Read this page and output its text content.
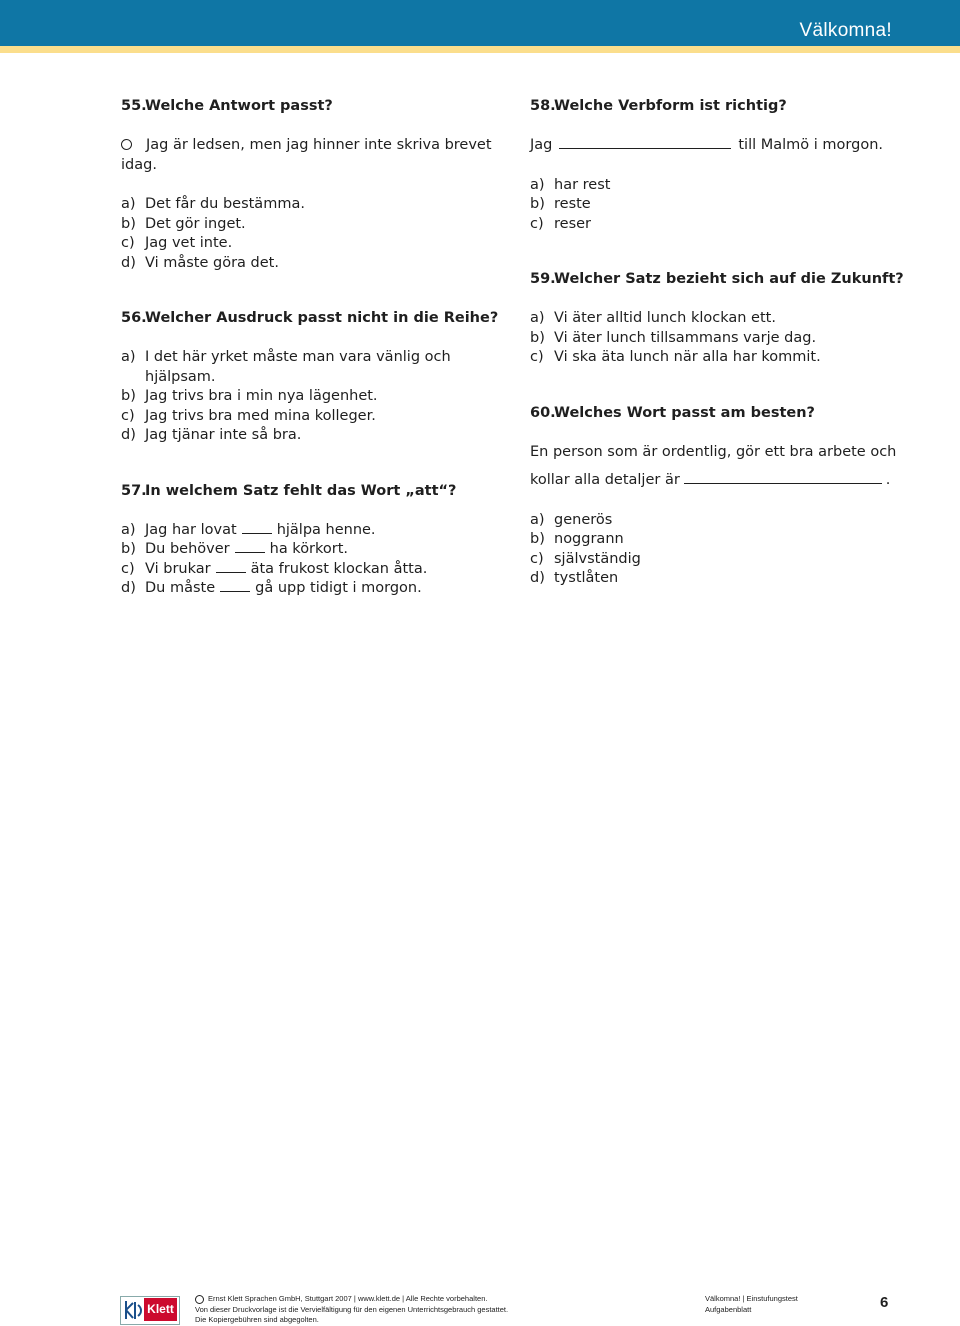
Välkomna!
55.
Welche Antwort passt?
Jag är ledsen, men jag hinner inte skriva brevet idag.
a) Det får du bestämma.
b) Det gör inget.
c) Jag vet inte.
d) Vi måste göra det.
56.
Welcher Ausdruck passt nicht in die Reihe?
a) I det här yrket måste man vara vänlig och hjälpsam.
b) Jag trivs bra i min nya lägenhet.
c) Jag trivs bra med mina kolleger.
d) Jag tjänar inte så bra.
57.
In welchem Satz fehlt das Wort „att“?
a) Jag har lovat	hjälpa henne.
b) Du behöver	ha körkort.
c) Vi brukar	äta frukost klockan åtta.
d) Du måste	gå upp tidigt i morgon.
58.
Welche Verbform ist richtig?
Jag	till Malmö i morgon.
a) har rest
b) reste
c) reser
59.
Welcher Satz bezieht sich auf die Zukunft?
a) Vi äter alltid lunch klockan ett.
b) Vi äter lunch tillsammans varje dag.
c) Vi ska äta lunch när alla har kommit.
60.
Welches Wort passt am besten?
En person som är ordentlig, gör ett bra arbete och
kollar alla detaljer är	.
a) generös
b) noggrann
c) självständig
d) tystlåten
Klett
Ernst Klett Sprachen GmbH, Stuttgart 2007 | www.klett.de | Alle Rechte vorbehalten.
Von dieser Druckvorlage ist die Vervielfältigung für den eigenen Unterrichtsgebrauch gestattet.
Die Kopiergebühren sind abgegolten.
Välkomna! | Einstufungstest
Aufgabenblatt	6
